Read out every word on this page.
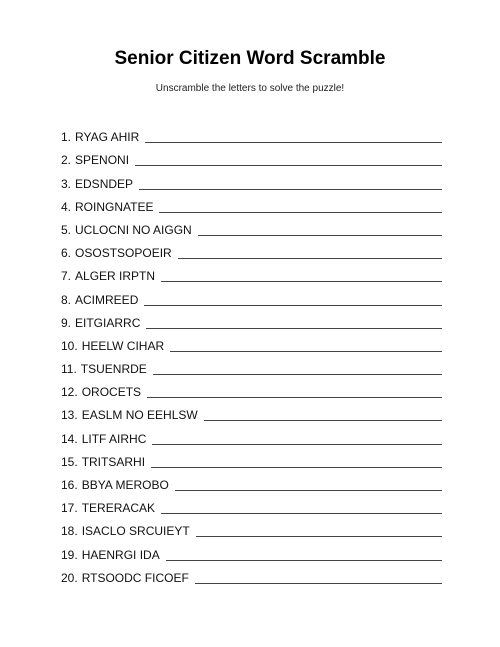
Senior Citizen Word Scramble
Unscramble the letters to solve the puzzle!
1. RYAG AHIR
2. SPENONI
3. EDSNDEP
4. ROINGNATEE
5. UCLOCNI NO AIGGN
6. OSOSTSOPOEIR
7. ALGER IRPTN
8. ACIMREED
9. EITGIARRC
10. HEELW CIHAR
11. TSUENRDE
12. OROCETS
13. EASLM NO EEHLSW
14. LITF AIRHC
15. TRITSARHI
16. BBYA MEROBO
17. TERERACAK
18. ISACLO SRCUIEYT
19. HAENRGI IDA
20. RTSOODC FICOEF
